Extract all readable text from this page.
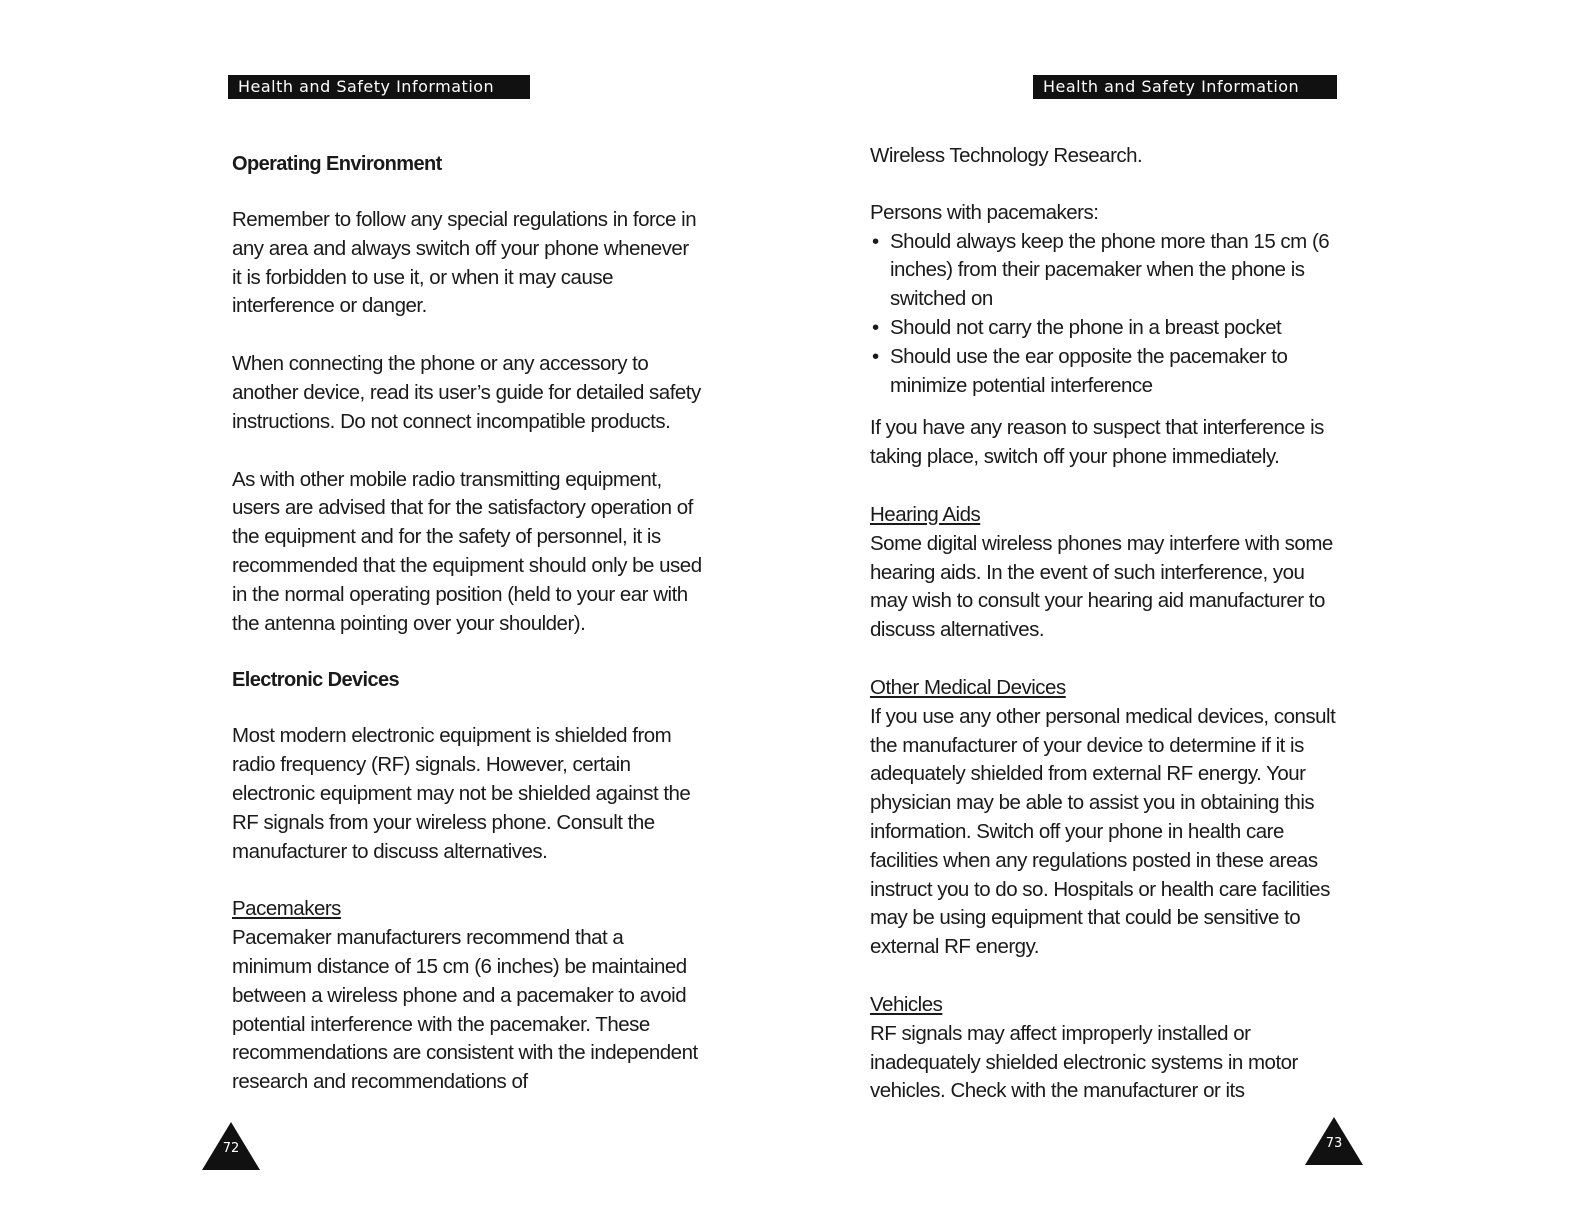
Health and Safety Information

Operating Environment

Remember to follow any special regulations in force in any area and always switch off your phone whenever it is forbidden to use it, or when it may cause interference or danger.

When connecting the phone or any accessory to another device, read its user’s guide for detailed safety instructions. Do not connect incompatible products.

As with other mobile radio transmitting equipment, users are advised that for the satisfactory operation of the equipment and for the safety of personnel, it is recommended that the equipment should only be used in the normal operating position (held to your ear with the antenna pointing over your shoulder).

Electronic Devices

Most modern electronic equipment is shielded from radio frequency (RF) signals. However, certain electronic equipment may not be shielded against the RF signals from your wireless phone. Consult the manufacturer to discuss alternatives.

Pacemakers

Pacemaker manufacturers recommend that a minimum distance of 15 cm (6 inches) be maintained between a wireless phone and a pacemaker to avoid potential interference with the pacemaker. These recommendations are consistent with the independent research and recommendations of

72
Health and Safety Information

Wireless Technology Research.

Persons with pacemakers:

• Should always keep the phone more than 15 cm (6 inches) from their pacemaker when the phone is switched on
• Should not carry the phone in a breast pocket
• Should use the ear opposite the pacemaker to minimize potential interference

If you have any reason to suspect that interference is taking place, switch off your phone immediately.

Hearing Aids

Some digital wireless phones may interfere with some hearing aids. In the event of such interference, you may wish to consult your hearing aid manufacturer to discuss alternatives.

Other Medical Devices

If you use any other personal medical devices, consult the manufacturer of your device to determine if it is adequately shielded from external RF energy. Your physician may be able to assist you in obtaining this information. Switch off your phone in health care facilities when any regulations posted in these areas instruct you to do so. Hospitals or health care facilities may be using equipment that could be sensitive to external RF energy.

Vehicles

RF signals may affect improperly installed or inadequately shielded electronic systems in motor vehicles. Check with the manufacturer or its

73
